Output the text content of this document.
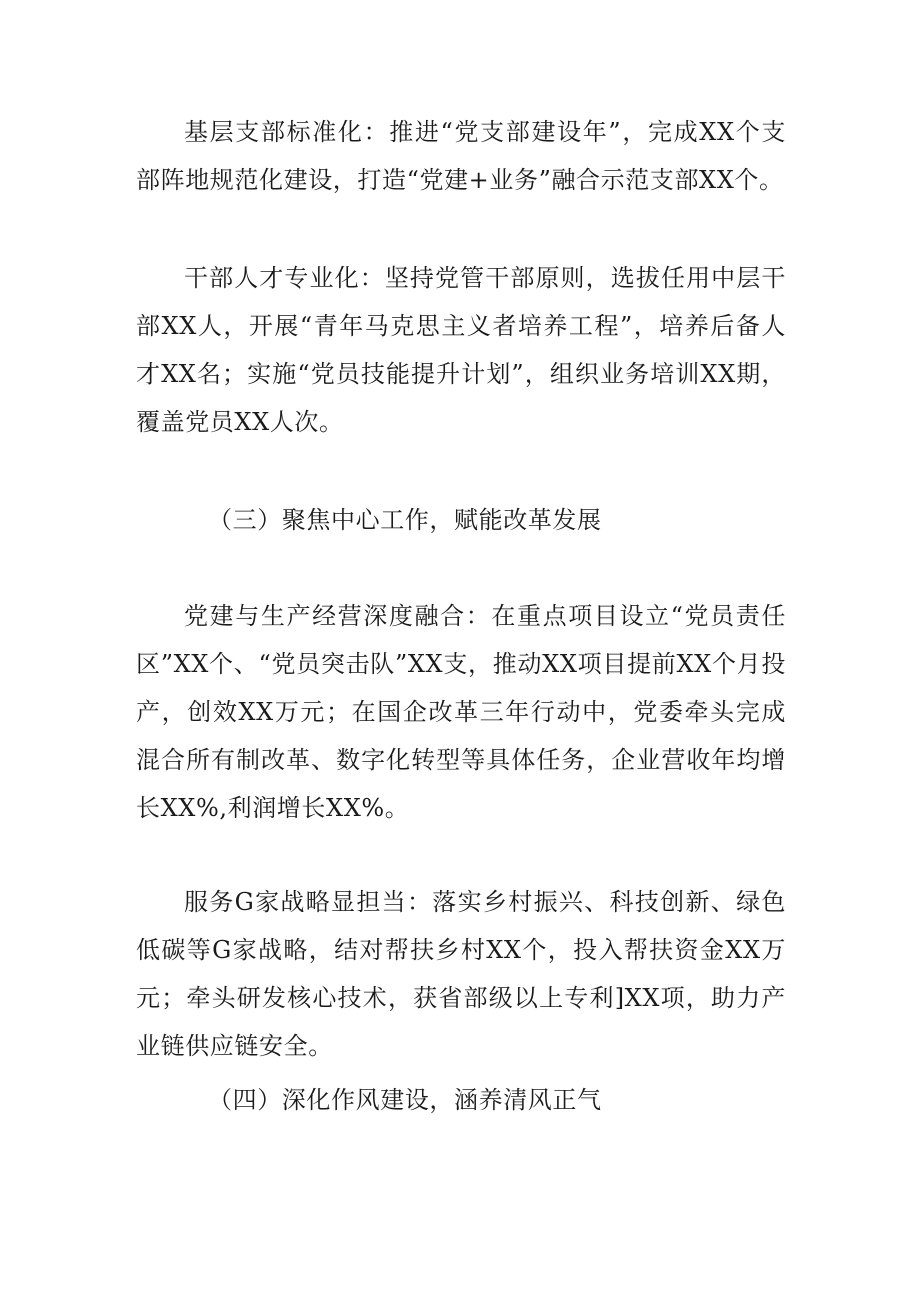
基层支部标准化：推进“党支部建设年”，完成XX个支部阵地规范化建设，打造“党建+业务”融合示范支部XX个。

干部人才专业化：坚持党管干部原则，选拔任用中层干部XX人，开展“青年马克思主义者培养工程”，培养后备人才XX名；实施“党员技能提升计划”，组织业务培训XX期，覆盖党员XX人次。

（三）聚焦中心工作，赋能改革发展

党建与生产经营深度融合：在重点项目设立“党员责任区”XX个、“党员突击队”XX支，推动XX项目提前XX个月投产，创效XX万元；在国企改革三年行动中，党委牵头完成混合所有制改革、数字化转型等具体任务，企业营收年均增长XX%,利润增长XX%。

服务G家战略显担当：落实乡村振兴、科技创新、绿色低碳等G家战略，结对帮扶乡村XX个，投入帮扶资金XX万元；牵头研发核心技术，获省部级以上专利]XX项，助力产业链供应链安全。

（四）深化作风建设，涵养清风正气
